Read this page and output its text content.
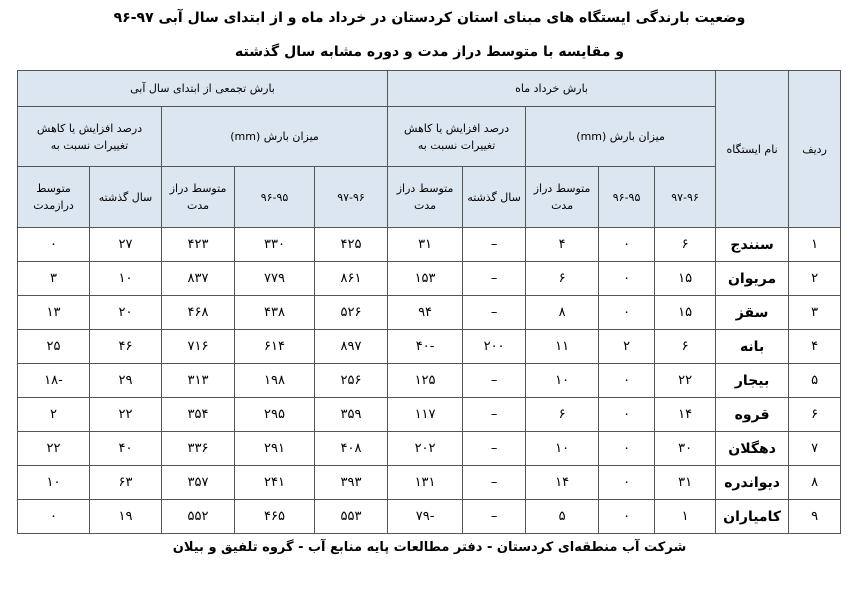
وضعیت بارندگی ایستگاه های مبنای استان کردستان در خرداد ماه و از ابتدای سال آبی ۹۷-۹۶
و مقایسه با متوسط دراز مدت و دوره مشابه سال گذشته
ردیف	نام ایستگاه	بارش خرداد ماه					بارش تجمعی از ابتدای سال آبی				
		میزان بارش (mm)			درصد افزایش یا کاهش تغییرات نسبت به		میزان بارش (mm)			درصد افزایش یا کاهش تغییرات نسبت به	
		۹۷-۹۶	۹۶-۹۵	متوسط دراز مدت	سال گذشته	متوسط دراز مدت	۹۷-۹۶	۹۶-۹۵	متوسط دراز مدت	سال گذشته	متوسط درازمدت
۱	سنندج	۶	۰	۴	–	۳۱	۴۲۵	۳۳۰	۴۲۳	۲۷	۰
۲	مریوان	۱۵	۰	۶	–	۱۵۳	۸۶۱	۷۷۹	۸۳۷	۱۰	۳
۳	سقز	۱۵	۰	۸	–	۹۴	۵۲۶	۴۳۸	۴۶۸	۲۰	۱۳
۴	بانه	۶	۲	۱۱	۲۰۰	-۴۰	۸۹۷	۶۱۴	۷۱۶	۴۶	۲۵
۵	بیجار	۲۲	۰	۱۰	–	۱۲۵	۲۵۶	۱۹۸	۳۱۳	۲۹	-۱۸
۶	قروه	۱۴	۰	۶	–	۱۱۷	۳۵۹	۲۹۵	۳۵۴	۲۲	۲
۷	دهگلان	۳۰	۰	۱۰	–	۲۰۲	۴۰۸	۲۹۱	۳۳۶	۴۰	۲۲
۸	دیواندره	۳۱	۰	۱۴	–	۱۳۱	۳۹۳	۲۴۱	۳۵۷	۶۳	۱۰
۹	کامیاران	۱	۰	۵	–	-۷۹	۵۵۳	۴۶۵	۵۵۲	۱۹	۰
شرکت آب منطقه‌ای کردستان - دفتر مطالعات پایه منابع آب - گروه تلفیق و بیلان
